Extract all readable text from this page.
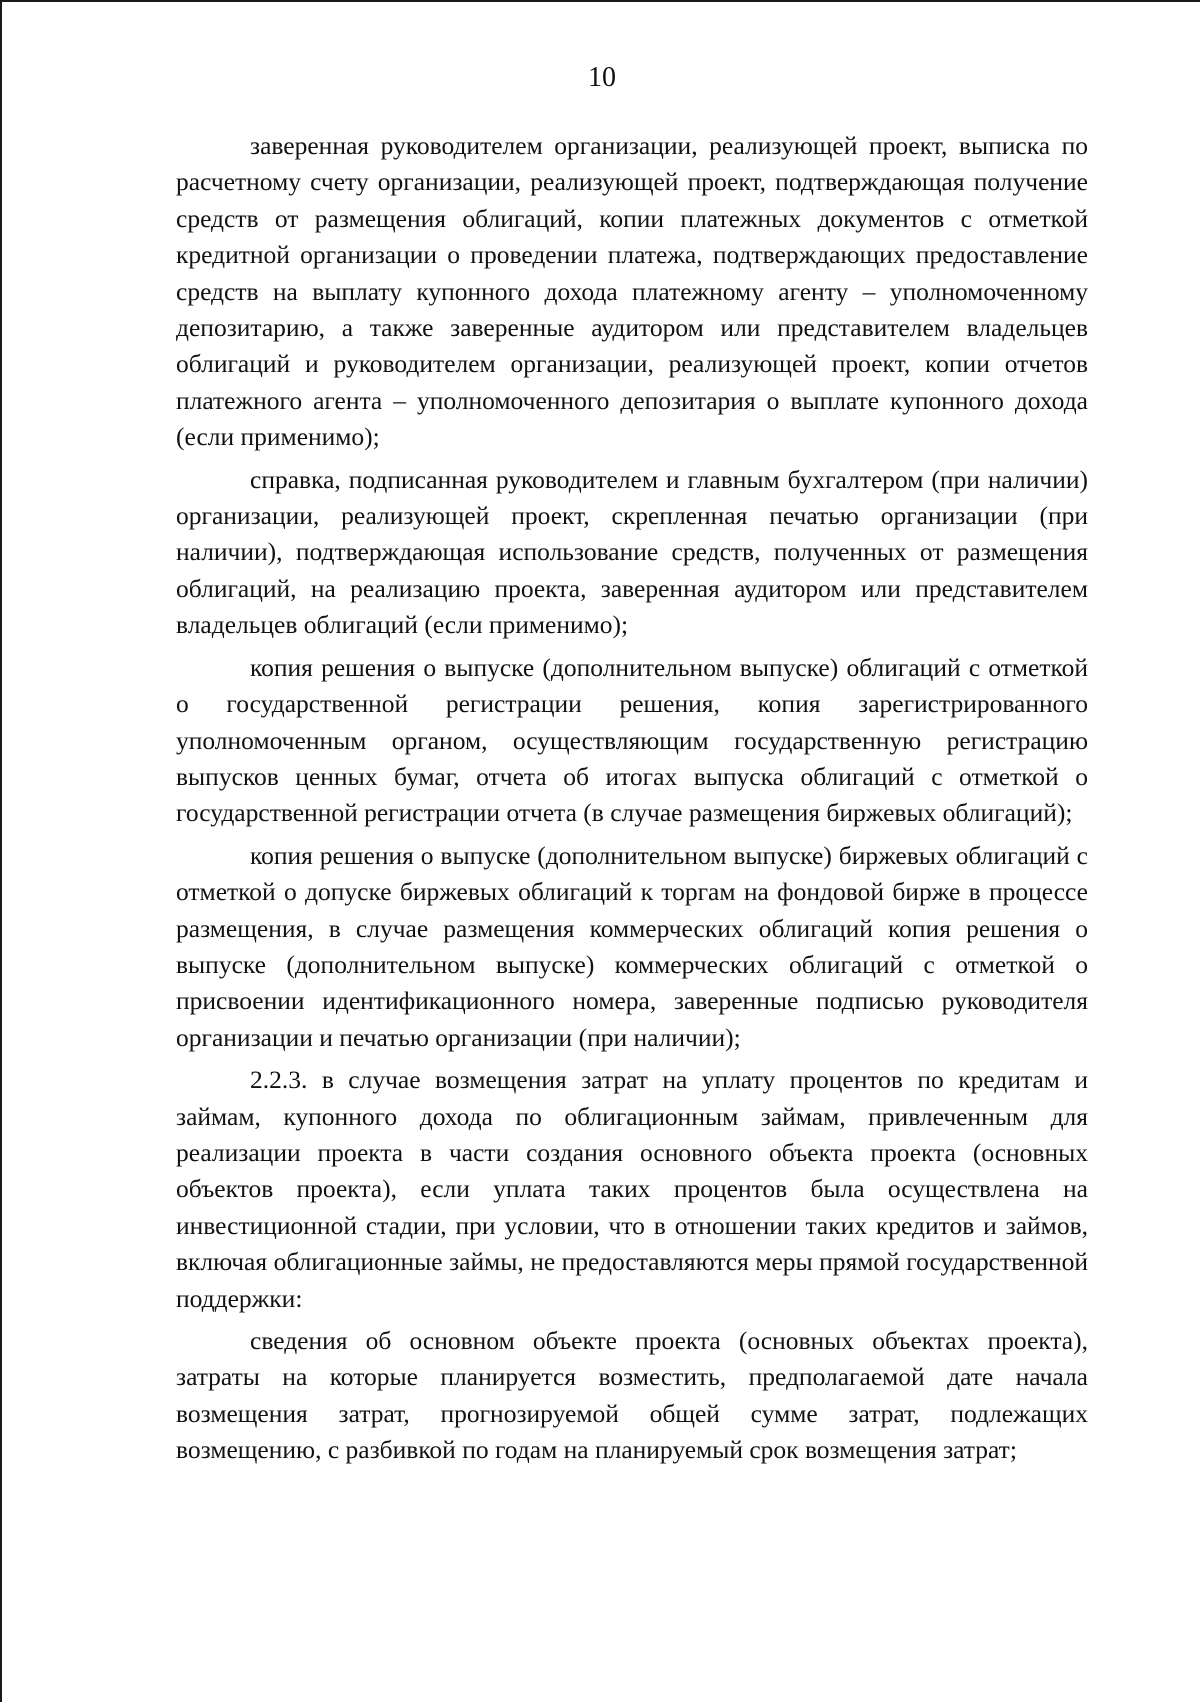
10

заверенная руководителем организации, реализующей проект, выписка по расчетному счету организации, реализующей проект, подтверждающая получение средств от размещения облигаций, копии платежных документов с отметкой кредитной организации о проведении платежа, подтверждающих предоставление средств на выплату купонного дохода платежному агенту – уполномоченному депозитарию, а также заверенные аудитором или представителем владельцев облигаций и руководителем организации, реализующей проект, копии отчетов платежного агента – уполномоченного депозитария о выплате купонного дохода (если применимо);

справка, подписанная руководителем и главным бухгалтером (при наличии) организации, реализующей проект, скрепленная печатью организации (при наличии), подтверждающая использование средств, полученных от размещения облигаций, на реализацию проекта, заверенная аудитором или представителем владельцев облигаций (если применимо);

копия решения о выпуске (дополнительном выпуске) облигаций с отметкой о государственной регистрации решения, копия зарегистрированного уполномоченным органом, осуществляющим государственную регистрацию выпусков ценных бумаг, отчета об итогах выпуска облигаций с отметкой о государственной регистрации отчета (в случае размещения биржевых облигаций);

копия решения о выпуске (дополнительном выпуске) биржевых облигаций с отметкой о допуске биржевых облигаций к торгам на фондовой бирже в процессе размещения, в случае размещения коммерческих облигаций копия решения о выпуске (дополнительном выпуске) коммерческих облигаций с отметкой о присвоении идентификационного номера, заверенные подписью руководителя организации и печатью организации (при наличии);

2.2.3. в случае возмещения затрат на уплату процентов по кредитам и займам, купонного дохода по облигационным займам, привлеченным для реализации проекта в части создания основного объекта проекта (основных объектов проекта), если уплата таких процентов была осуществлена на инвестиционной стадии, при условии, что в отношении таких кредитов и займов, включая облигационные займы, не предоставляются меры прямой государственной поддержки:

сведения об основном объекте проекта (основных объектах проекта), затраты на которые планируется возместить, предполагаемой дате начала возмещения затрат, прогнозируемой общей сумме затрат, подлежащих возмещению, с разбивкой по годам на планируемый срок возмещения затрат;
